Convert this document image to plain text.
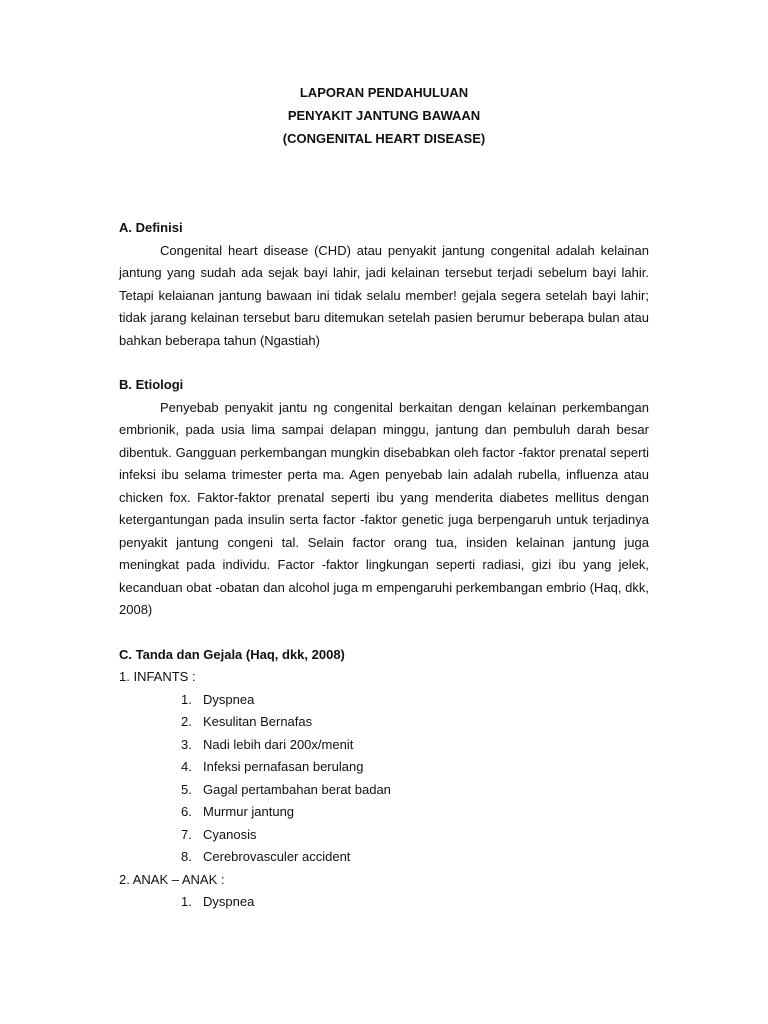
LAPORAN PENDAHULUAN
PENYAKIT JANTUNG BAWAAN
(CONGENITAL HEART DISEASE)

A. Definisi

Congenital heart disease (CHD) atau penyakit jantung congenital adalah kelainan jantung yang sudah ada sejak bayi lahir, jadi kelainan tersebut terjadi sebelum bayi lahir. Tetapi kelaianan jantung bawaan ini tidak selalu member! gejala segera setelah bayi lahir; tidak jarang kelainan tersebut baru ditemukan setelah pasien berumur beberapa bulan atau bahkan beberapa tahun (Ngastiah)

B. Etiologi

Penyebab penyakit jantu ng congenital berkaitan dengan kelainan perkembangan embrionik, pada usia lima sampai delapan minggu, jantung dan pembuluh darah besar dibentuk. Gangguan perkembangan mungkin disebabkan oleh factor -faktor prenatal seperti infeksi ibu selama trimester perta ma. Agen penyebab lain adalah rubella, influenza atau chicken fox. Faktor-faktor prenatal seperti ibu yang menderita diabetes mellitus dengan ketergantungan pada insulin serta factor -faktor genetic juga berpengaruh untuk terjadinya penyakit jantung congeni tal. Selain factor orang tua, insiden kelainan jantung juga meningkat pada individu. Factor -faktor lingkungan seperti radiasi, gizi ibu yang jelek, kecanduan obat -obatan dan alcohol juga m empengaruhi perkembangan embrio (Haq, dkk, 2008)

C. Tanda dan Gejala (Haq, dkk, 2008)

1. INFANTS :

1. Dyspnea
2. Kesulitan Bernafas
3. Nadi lebih dari 200x/menit
4. Infeksi pernafasan berulang
5. Gagal pertambahan berat badan
6. Murmur jantung
7. Cyanosis
8. Cerebrovasculer accident

2. ANAK – ANAK :

1. Dyspnea
